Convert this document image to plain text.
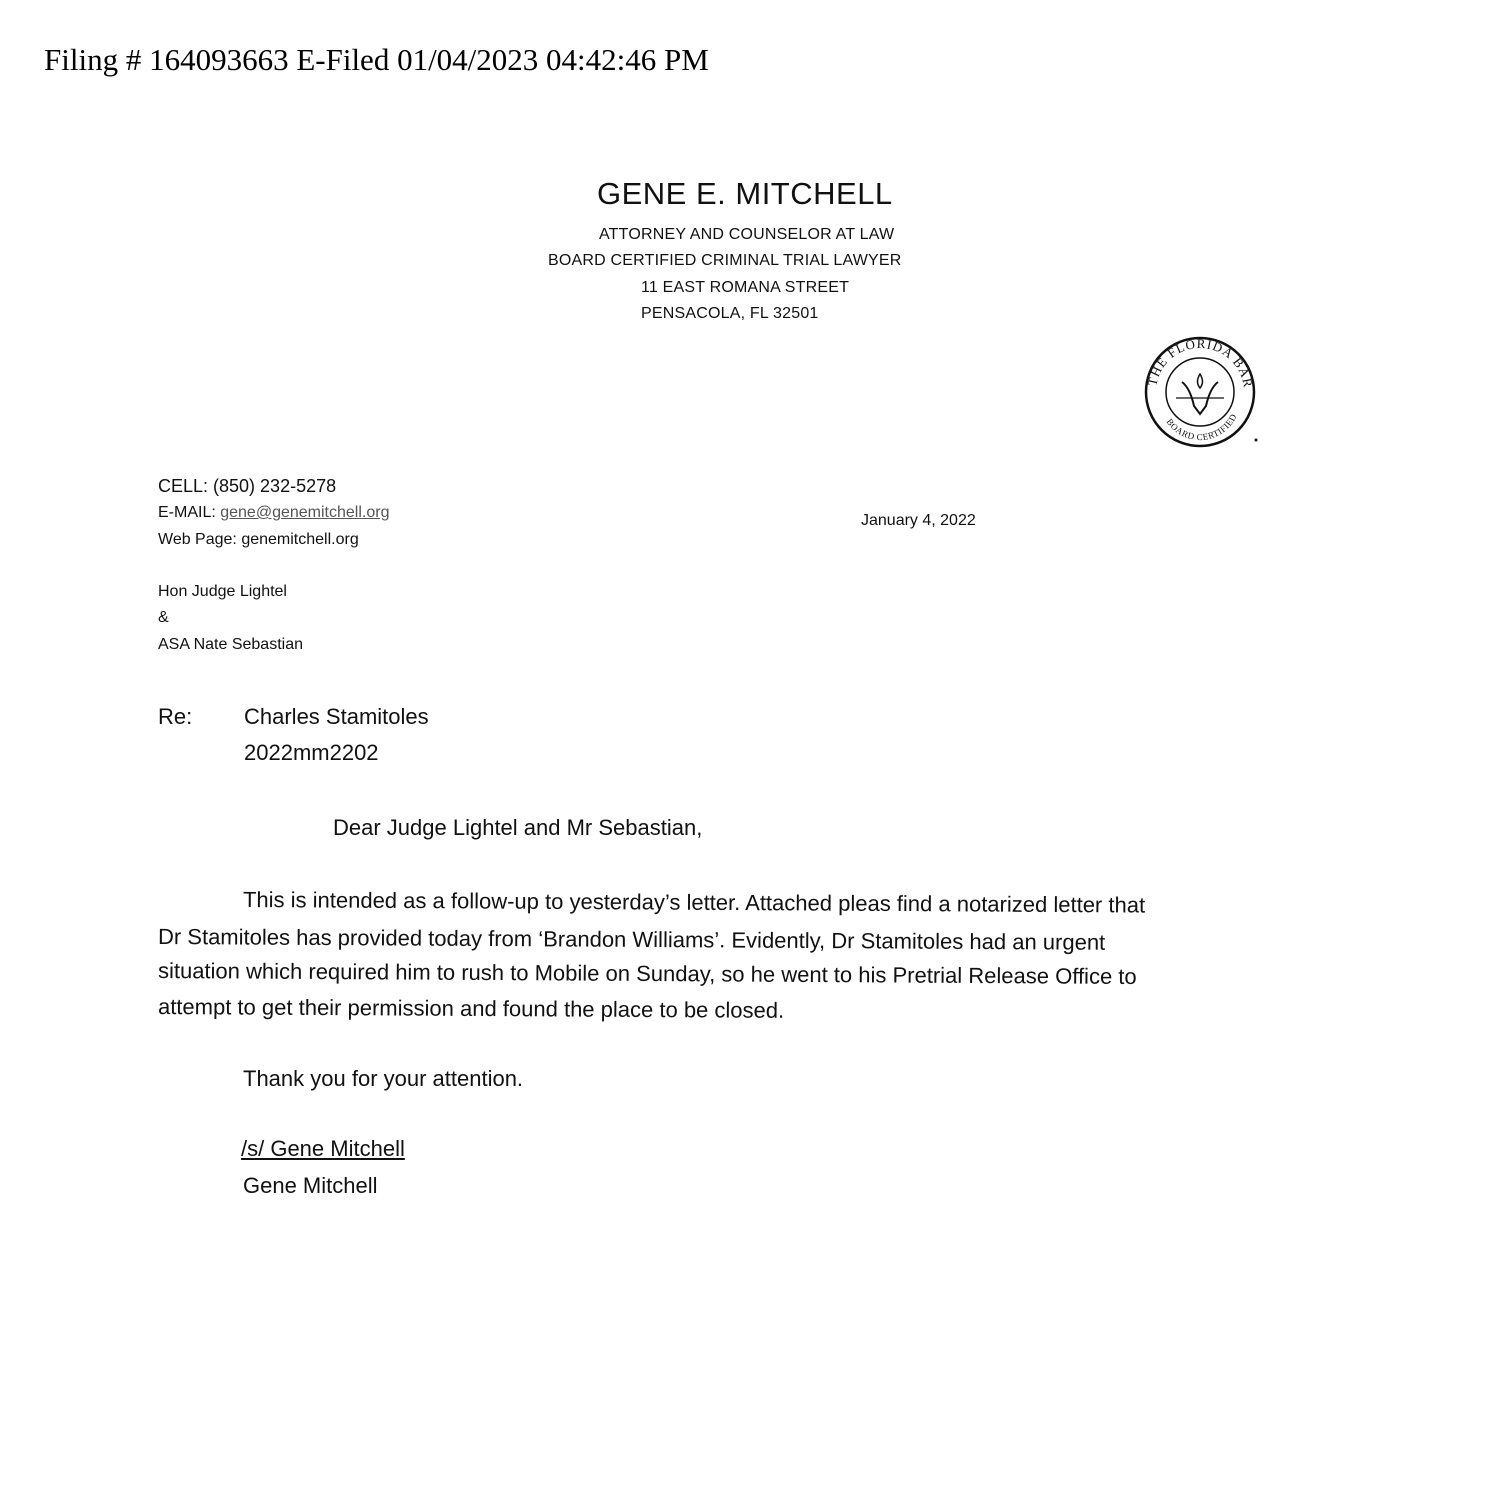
Filing # 164093663 E-Filed 01/04/2023 04:42:46 PM
GENE E. MITCHELL
ATTORNEY AND COUNSELOR AT LAW
BOARD CERTIFIED CRIMINAL TRIAL LAWYER
11 EAST ROMANA STREET
PENSACOLA, FL 32501
THE FLORIDA BAR
BOARD CERTIFIED
CELL: (850) 232-5278
E-MAIL: gene@genemitchell.org
Web Page: genemitchell.org
January 4, 2022
Hon Judge Lightel
&
ASA Nate Sebastian
Re: Charles Stamitoles
2022mm2202
Dear Judge Lightel and Mr Sebastian,
This is intended as a follow-up to yesterday’s letter. Attached pleas find a notarized letter that
Dr Stamitoles has provided today from ‘Brandon Williams’. Evidently, Dr Stamitoles had an urgent
situation which required him to rush to Mobile on Sunday, so he went to his Pretrial Release Office to
attempt to get their permission and found the place to be closed.
Thank you for your attention.
/s/ Gene Mitchell
Gene Mitchell
